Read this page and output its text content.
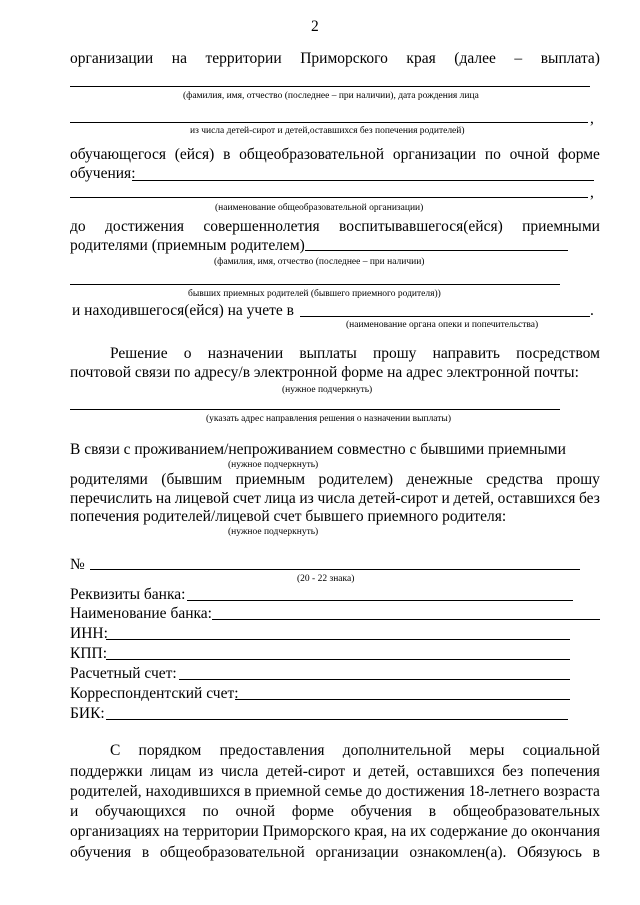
2
организации на территории Приморского края (далее – выплата)
(фамилия, имя, отчество (последнее – при наличии), дата рождения лица
,
из числа детей-сирот и детей,оставшихся без попечения родителей)
обучающегося (ейся) в общеобразовательной организации по очной форме
обучения:
,
(наименование общеобразовательной организации)
до достижения совершеннолетия воспитывавшегося(ейся) приемными
родителями (приемным родителем)
(фамилия, имя, отчество (последнее – при наличии)
бывших приемных родителей (бывшего приемного родителя))
и находившегося(ейся) на учете в	.
(наименование органа опеки и попечительства)
Решение о назначении выплаты прошу направить посредством
почтовой связи по адресу/в электронной форме на адрес электронной почты:
(нужное подчеркнуть)
(указать адрес направления решения о назначении выплаты)
В связи с проживанием/непроживанием совместно с бывшими приемными
(нужное подчеркнуть)
родителями (бывшим приемным родителем) денежные средства прошу
перечислить на лицевой счет лица из числа детей-сирот и детей, оставшихся без
попечения родителей/лицевой счет бывшего приемного родителя:
(нужное подчеркнуть)
№
(20 - 22 знака)
Реквизиты банка:
Наименование банка:
ИНН:
КПП:
Расчетный счет:
Корреспондентский счет:
БИК:
С порядком предоставления дополнительной меры социальной
поддержки лицам из числа детей-сирот и детей, оставшихся без попечения
родителей, находившихся в приемной семье до достижения 18-летнего возраста
и обучающихся по очной форме обучения в общеобразовательных
организациях на территории Приморского края, на их содержание до окончания
обучения в общеобразовательной организации ознакомлен(а). Обязуюсь в
